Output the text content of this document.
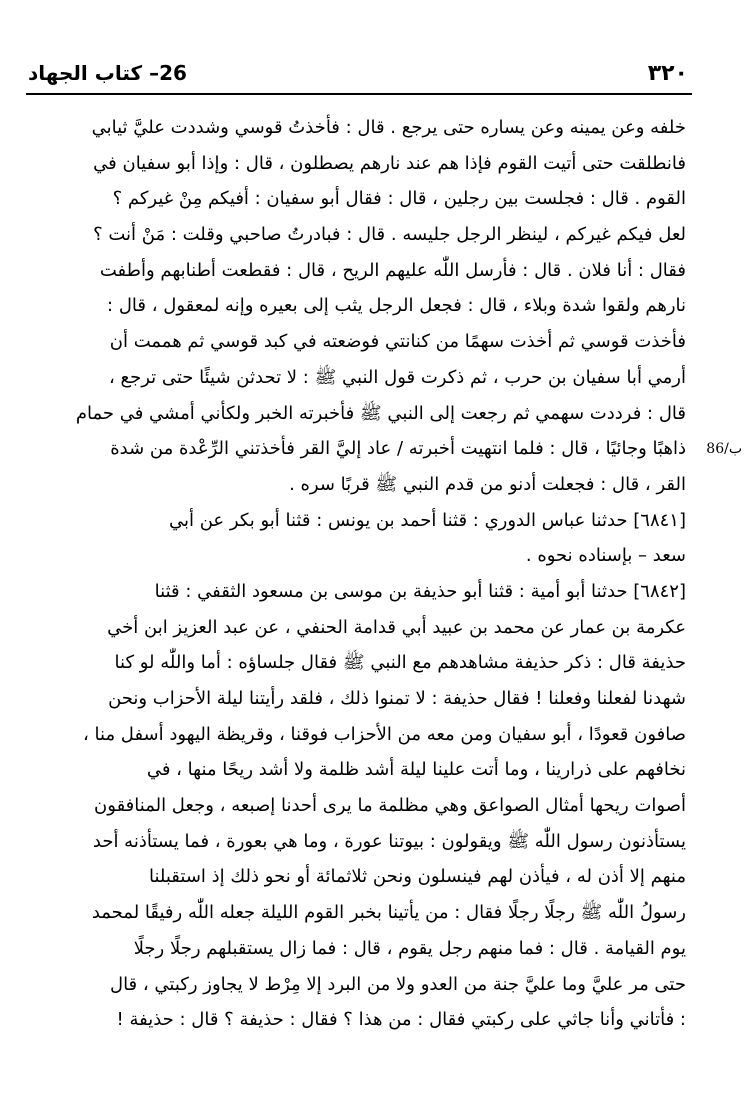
٣٢٠
26– كتاب الجهاد
86/ب
خلفه وعن يمينه وعن يساره حتى يرجع . قال : فأخذتُ قوسي وشددت عليَّ ثيابي
فانطلقت حتى أتيت القوم فإذا هم عند نارهم يصطلون ، قال : وإذا أبو سفيان في
القوم . قال : فجلست بين رجلين ، قال : فقال أبو سفيان : أفيكم مِنْ غيركم ؟
لعل فيكم غيركم ، لينظر الرجل جليسه . قال : فبادرتُ صاحبي وقلت : مَنْ أنت ؟
فقال : أنا فلان . قال : فأرسل اللّٰه عليهم الريح ، قال : فقطعت أطنابهم وأطفت
نارهم ولقوا شدة وبلاء ، قال : فجعل الرجل يثب إلى بعيره وإنه لمعقول ، قال :
فأخذت قوسي ثم أخذت سهمًا من كنانتي فوضعته في كبد قوسي ثم هممت أن
أرمي أبا سفيان بن حرب ، ثم ذكرت قول النبي ﷺ : لا تحدثن شيئًا حتى ترجع ،
قال : فرددت سهمي ثم رجعت إلى النبي ﷺ فأخبرته الخبر ولكأني أمشي في حمام
ذاهبًا وجائيًا ، قال : فلما انتهيت أخبرته / عاد إليَّ القر فأخذتني الرِّعْدة من شدة
القر ، قال : فجعلت أدنو من قدم النبي ﷺ قربًا سره .
[٦٨٤١] حدثنا عباس الدوري : قثنا أحمد بن يونس : قثنا أبو بكر عن أبي
سعد – بإسناده نحوه .
[٦٨٤٢] حدثنا أبو أمية : قثنا أبو حذيفة بن موسى بن مسعود الثقفي : قثنا
عكرمة بن عمار عن محمد بن عبيد أبي قدامة الحنفي ، عن عبد العزيز ابن أخي
حذيفة قال : ذكر حذيفة مشاهدهم مع النبي ﷺ فقال جلساؤه : أما واللّٰه لو كنا
شهدنا لفعلنا وفعلنا ! فقال حذيفة : لا تمنوا ذلك ، فلقد رأيتنا ليلة الأحزاب ونحن
صافون قعودًا ، أبو سفيان ومن معه من الأحزاب فوقنا ، وقريظة اليهود أسفل منا ،
نخافهم على ذرارينا ، وما أتت علينا ليلة أشد ظلمة ولا أشد ريحًا منها ، في
أصوات ريحها أمثال الصواعق وهي مظلمة ما يرى أحدنا إصبعه ، وجعل المنافقون
يستأذنون رسول اللّٰه ﷺ ويقولون : بيوتنا عورة ، وما هي بعورة ، فما يستأذنه أحد
منهم إلا أذن له ، فيأذن لهم فينسلون ونحن ثلاثمائة أو نحو ذلك إذ استقبلنا
رسولُ اللّٰه ﷺ رجلًا رجلًا فقال : من يأتينا بخبر القوم الليلة جعله اللّٰه رفيقًا لمحمد
يوم القيامة . قال : فما منهم رجل يقوم ، قال : فما زال يستقبلهم رجلًا رجلًا
حتى مر عليَّ وما عليَّ جنة من العدو ولا من البرد إلا مِرْط لا يجاوز ركبتي ، قال
: فأتاني وأنا جاثي على ركبتي فقال : من هذا ؟ فقال : حذيفة ؟ قال : حذيفة !
